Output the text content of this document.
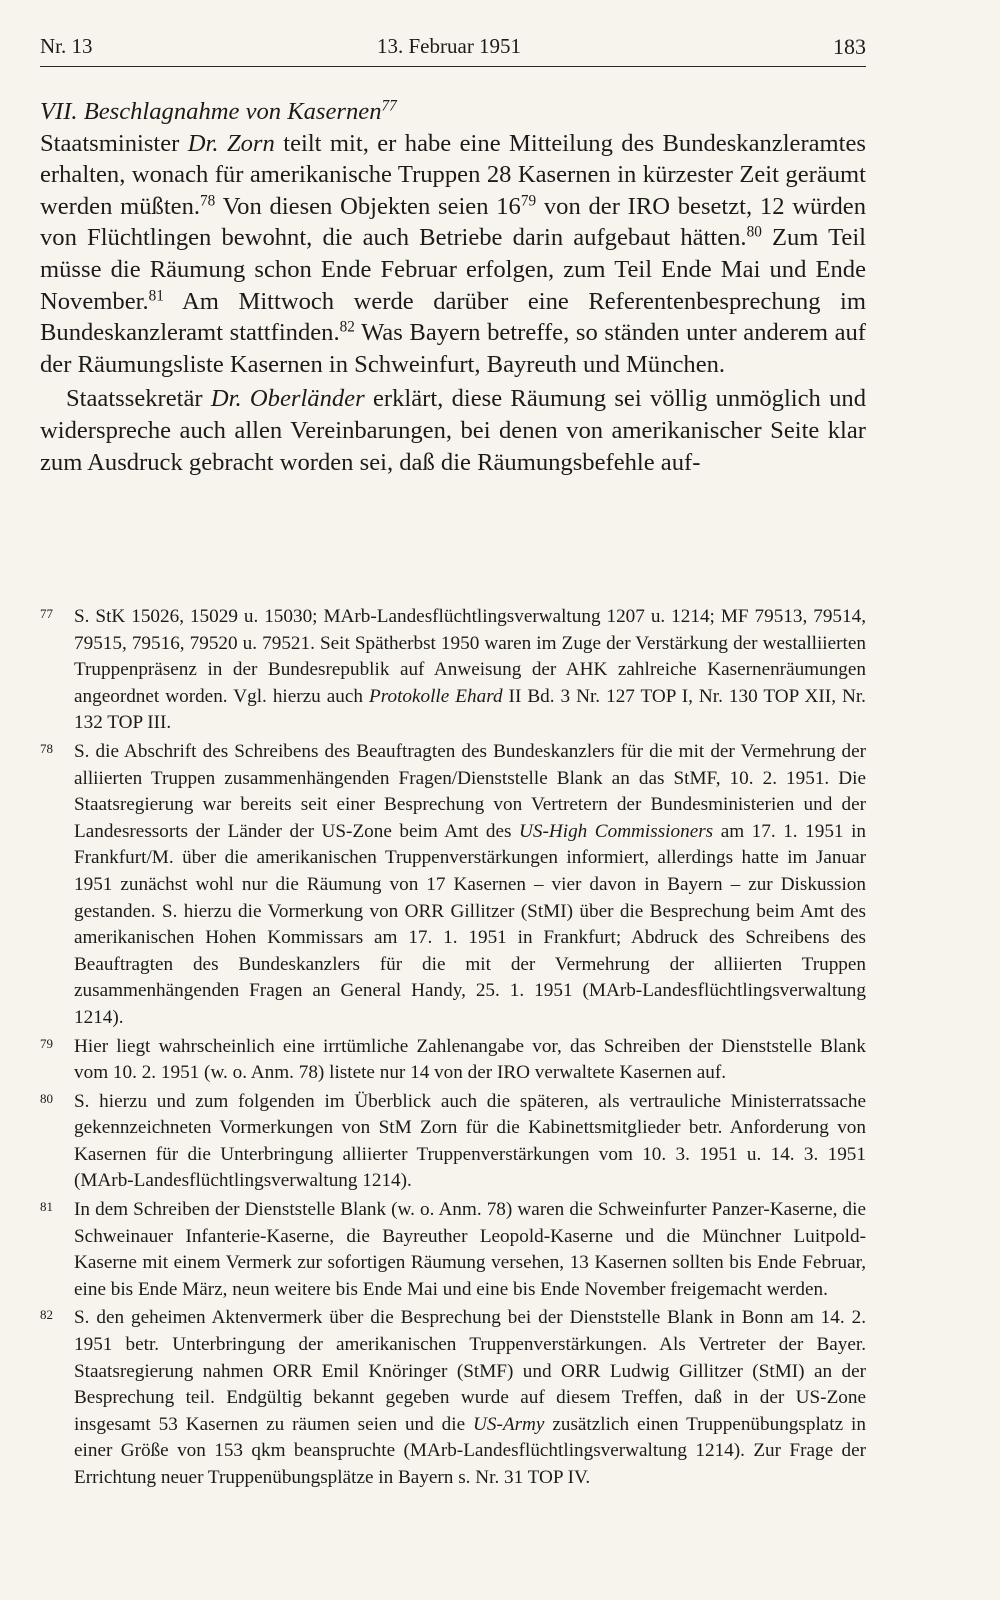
Nr. 13	13. Februar 1951	183

VII. Beschlagnahme von Kasernen$^{77}$

Staatsminister Dr. Zorn teilt mit, er habe eine Mitteilung des Bundeskanzleramtes erhalten, wonach für amerikanische Truppen 28 Kasernen in kürzester Zeit geräumt werden müßten.$^{78}$ Von diesen Objekten seien $16^{79}$ von der IRO besetzt, 12 würden von Flüchtlingen bewohnt, die auch Betriebe darin aufgebaut hätten.$^{80}$ Zum Teil müsse die Räumung schon Ende Februar erfolgen, zum Teil Ende Mai und Ende November.$^{81}$ Am Mittwoch werde darüber eine Referentenbesprechung im Bundeskanzleramt stattfinden.$^{82}$ Was Bayern betreffe, so ständen unter anderem auf der Räumungsliste Kasernen in Schweinfurt, Bayreuth und München.

Staatssekretär Dr. Oberländer erklärt, diese Räumung sei völlig unmöglich und widerspreche auch allen Vereinbarungen, bei denen von amerikanischer Seite klar zum Ausdruck gebracht worden sei, daß die Räumungsbefehle auf-

77 S. StK 15026, 15029 u. 15030; MArb-Landesflüchtlingsverwaltung 1207 u. 1214; MF 79513, 79514, 79515, 79516, 79520 u. 79521. Seit Spätherbst 1950 waren im Zuge der Verstärkung der westalliierten Truppenpräsenz in der Bundesrepublik auf Anweisung der AHK zahlreiche Kasernenräumungen angeordnet worden. Vgl. hierzu auch Protokolle Ehard II Bd. 3 Nr. 127 TOP I, Nr. 130 TOP XII, Nr. 132 TOP III.
78 S. die Abschrift des Schreibens des Beauftragten des Bundeskanzlers für die mit der Vermehrung der alliierten Truppen zusammenhängenden Fragen/Dienststelle Blank an das StMF, 10. 2. 1951. Die Staatsregierung war bereits seit einer Besprechung von Vertretern der Bundesministerien und der Landesressorts der Länder der US-Zone beim Amt des US-High Commissioners am 17. 1. 1951 in Frankfurt/M. über die amerikanischen Truppenverstärkungen informiert, allerdings hatte im Januar 1951 zunächst wohl nur die Räumung von 17 Kasernen – vier davon in Bayern – zur Diskussion gestanden. S. hierzu die Vormerkung von ORR Gillitzer (StMI) über die Besprechung beim Amt des amerikanischen Hohen Kommissars am 17. 1. 1951 in Frankfurt; Abdruck des Schreibens des Beauftragten des Bundeskanzlers für die mit der Vermehrung der alliierten Truppen zusammenhängenden Fragen an General Handy, 25. 1. 1951 (MArb-Landesflüchtlingsverwaltung 1214).
79 Hier liegt wahrscheinlich eine irrtümliche Zahlenangabe vor, das Schreiben der Dienststelle Blank vom 10. 2. 1951 (w. o. Anm. 78) listete nur 14 von der IRO verwaltete Kasernen auf.
80 S. hierzu und zum folgenden im Überblick auch die späteren, als vertrauliche Ministerratssache gekennzeichneten Vormerkungen von StM Zorn für die Kabinettsmitglieder betr. Anforderung von Kasernen für die Unterbringung alliierter Truppenverstärkungen vom 10. 3. 1951 u. 14. 3. 1951 (MArb-Landesflüchtlingsverwaltung 1214).
81 In dem Schreiben der Dienststelle Blank (w. o. Anm. 78) waren die Schweinfurter Panzer-Kaserne, die Schweinauer Infanterie-Kaserne, die Bayreuther Leopold-Kaserne und die Münchner Luitpold-Kaserne mit einem Vermerk zur sofortigen Räumung versehen, 13 Kasernen sollten bis Ende Februar, eine bis Ende März, neun weitere bis Ende Mai und eine bis Ende November freigemacht werden.
82 S. den geheimen Aktenvermerk über die Besprechung bei der Dienststelle Blank in Bonn am 14. 2. 1951 betr. Unterbringung der amerikanischen Truppenverstärkungen. Als Vertreter der Bayer. Staatsregierung nahmen ORR Emil Knöringer (StMF) und ORR Ludwig Gillitzer (StMI) an der Besprechung teil. Endgültig bekannt gegeben wurde auf diesem Treffen, daß in der US-Zone insgesamt 53 Kasernen zu räumen seien und die US-Army zusätzlich einen Truppenübungsplatz in einer Größe von 153 qkm beanspruchte (MArb-Landesflüchtlingsverwaltung 1214). Zur Frage der Errichtung neuer Truppenübungsplätze in Bayern s. Nr. 31 TOP IV.
